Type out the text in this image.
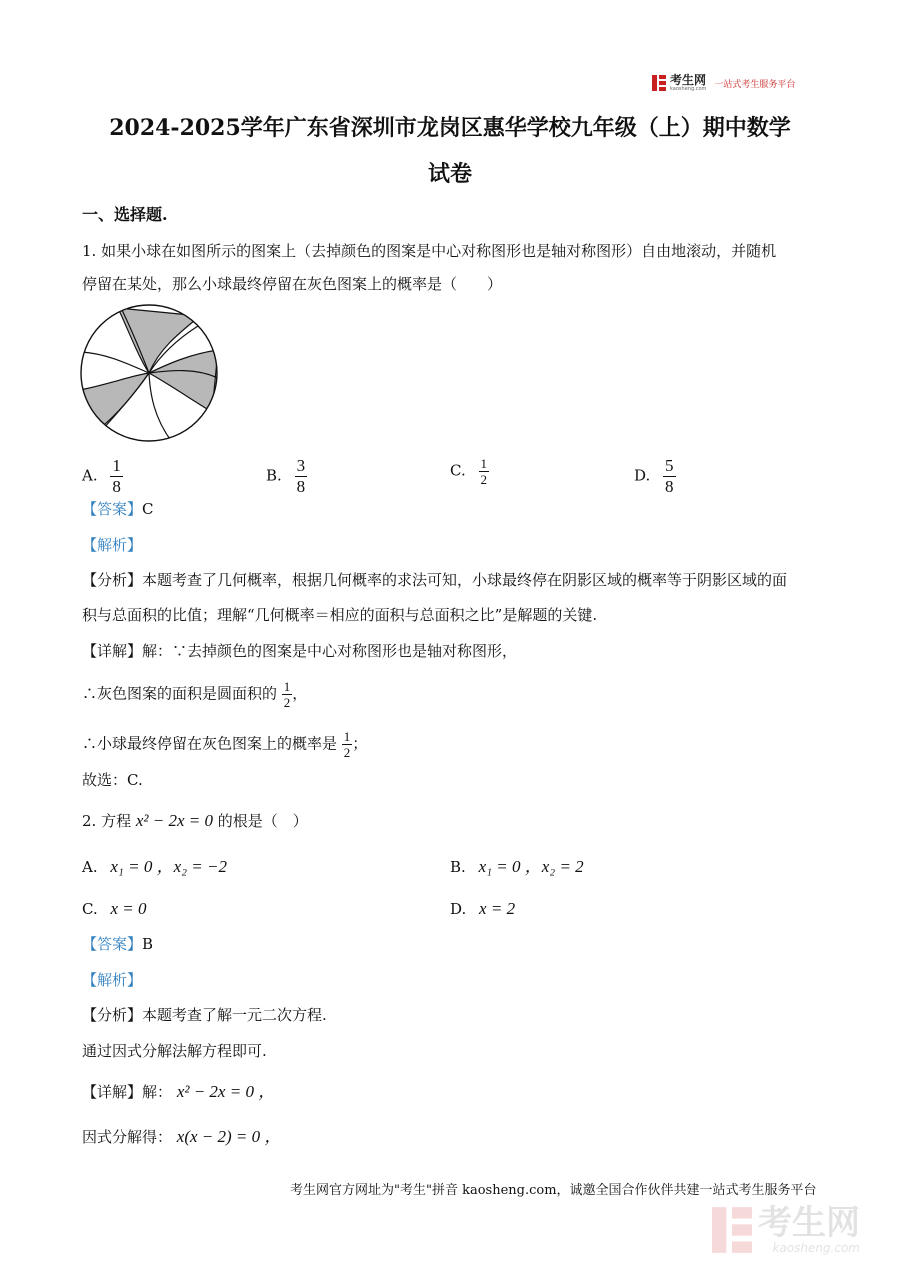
考生网
kaosheng.com 一站式考生服务平台
2024-2025学年广东省深圳市龙岗区惠华学校九年级（上）期中数学
试卷
一、选择题.
1. 如果小球在如图所示的图案上（去掉颜色的图案是中心对称图形也是轴对称图形）自由地滚动，并随机
停留在某处，那么小球最终停留在灰色图案上的概率是（　　）
A. $\frac{1}{8}$	B. $\frac{3}{8}$	C. $\frac{1}{2}$	D. $\frac{5}{8}$
【答案】C
【解析】
【分析】本题考查了几何概率，根据几何概率的求法可知，小球最终停在阴影区域的概率等于阴影区域的面
积与总面积的比值；理解“几何概率＝相应的面积与总面积之比”是解题的关键.
【详解】解：∵去掉颜色的图案是中心对称图形也是轴对称图形，
∴灰色图案的面积是圆面积的 $\frac{1}{2}$ ，
∴小球最终停留在灰色图案上的概率是 $\frac{1}{2}$ ；
故选：C.
2. 方程 x² − 2x = 0 的根是（　）
A. x₁ = 0 ，x₂ = −2	B. x₁ = 0 ，x₂ = 2
C. x = 0	D. x = 2
【答案】B
【解析】
【分析】本题考查了解一元二次方程.
通过因式分解法解方程即可.
【详解】解： x² − 2x = 0 ，
因式分解得： x(x − 2) = 0 ，
考生网官方网址为"考生"拼音 kaosheng.com，诚邀全国合作伙伴共建一站式考生服务平台
考生网
kaosheng.com
